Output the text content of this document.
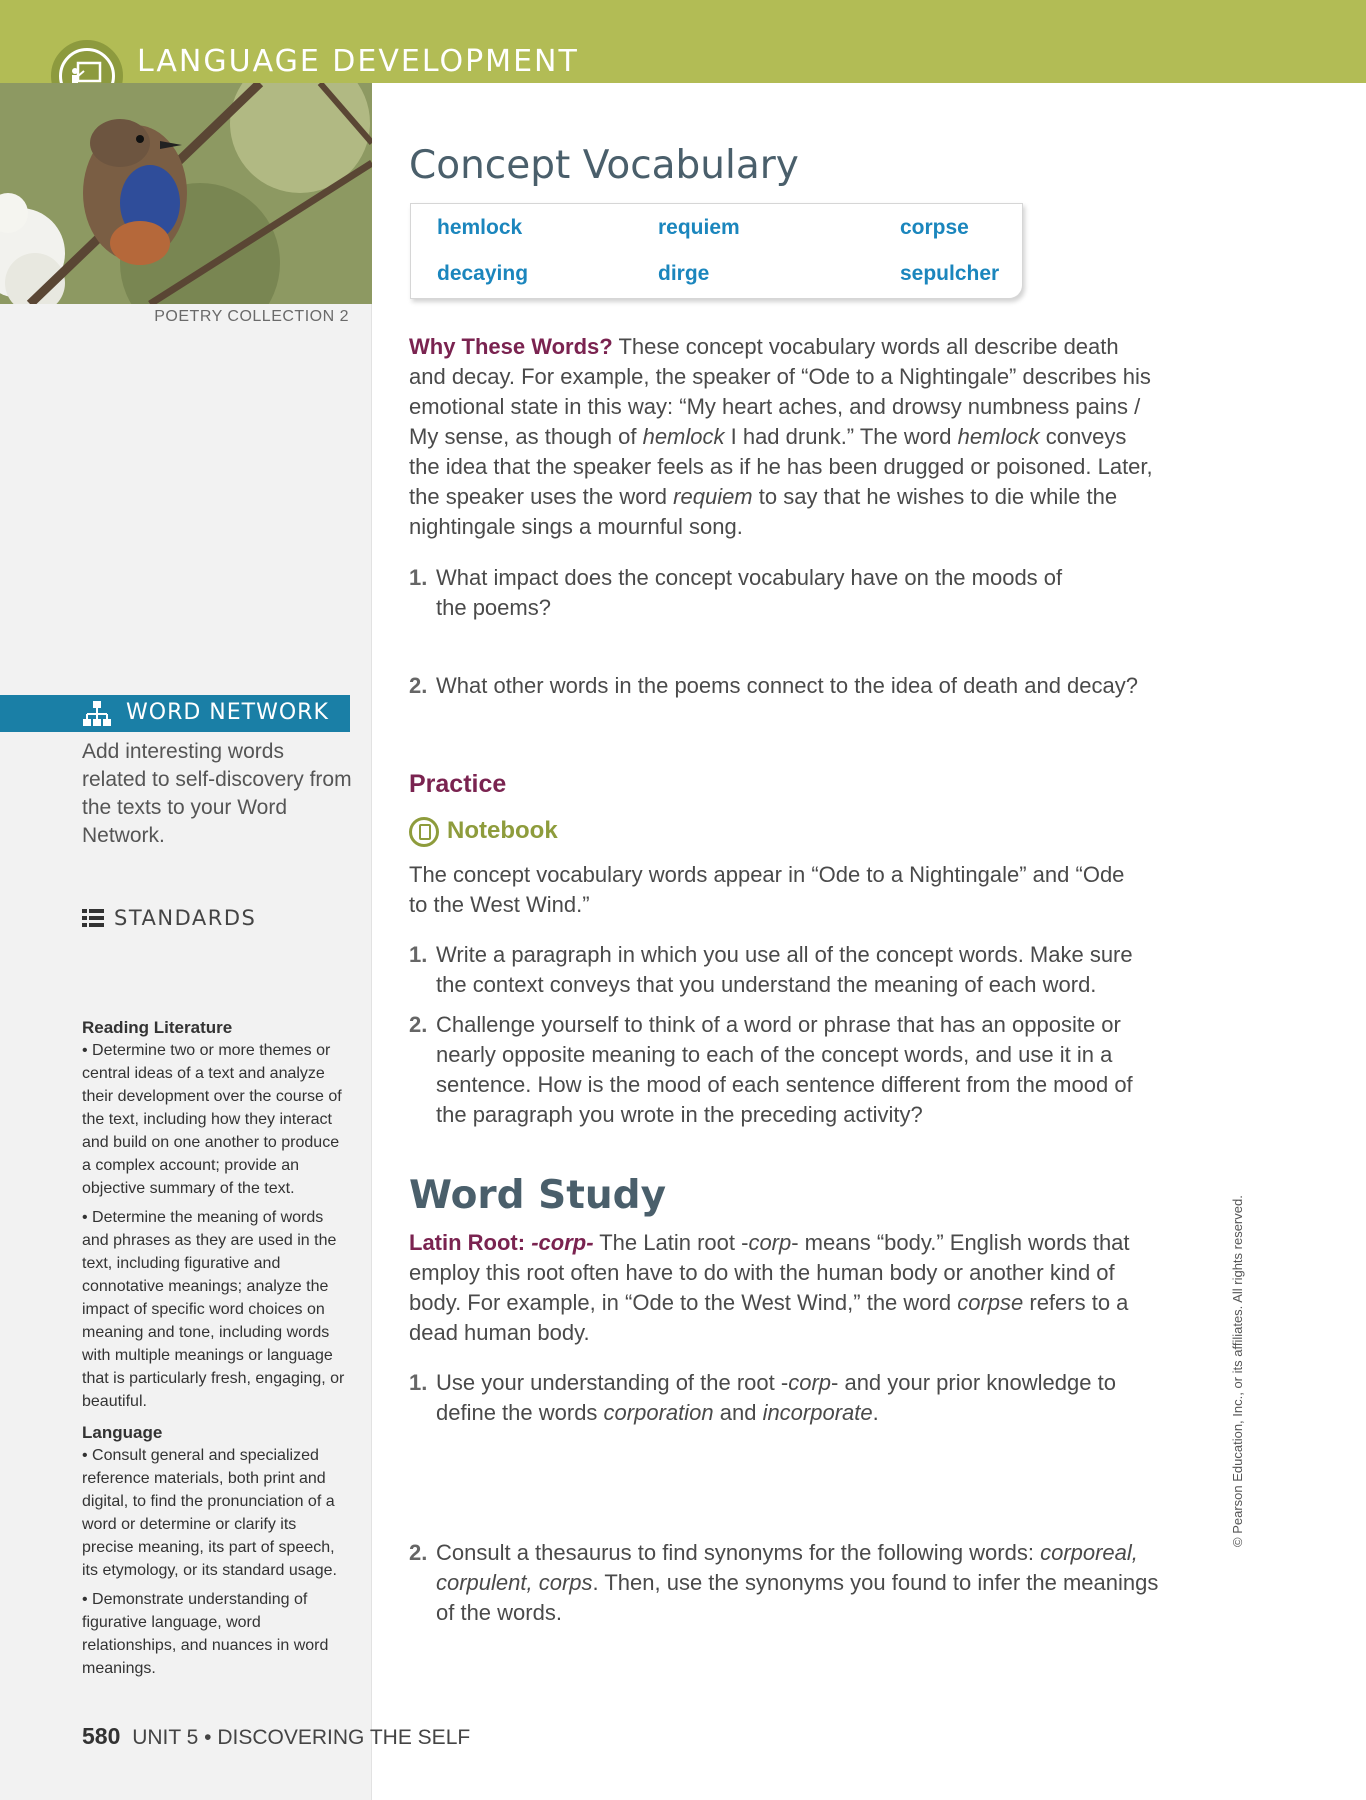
LANGUAGE DEVELOPMENT
POETRY COLLECTION 2
WORD NETWORK
Add interesting words related to self-discovery from the texts to your Word Network.
STANDARDS
Reading Literature
• Determine two or more themes or central ideas of a text and analyze their development over the course of the text, including how they interact and build on one another to produce a complex account; provide an objective summary of the text.
• Determine the meaning of words and phrases as they are used in the text, including figurative and connotative meanings; analyze the impact of specific word choices on meaning and tone, including words with multiple meanings or language that is particularly fresh, engaging, or beautiful.
Language
• Consult general and specialized reference materials, both print and digital, to find the pronunciation of a word or determine or clarify its precise meaning, its part of speech, its etymology, or its standard usage.
• Demonstrate understanding of figurative language, word relationships, and nuances in word meanings.
Concept Vocabulary
hemlock	requiem	corpse
decaying	dirge	sepulcher

Why These Words? These concept vocabulary words all describe death and decay. For example, the speaker of “Ode to a Nightingale” describes his emotional state in this way: “My heart aches, and drowsy numbness pains / My sense, as though of hemlock I had drunk.” The word hemlock conveys the idea that the speaker feels as if he has been drugged or poisoned. Later, the speaker uses the word requiem to say that he wishes to die while the nightingale sings a mournful song.

1. What impact does the concept vocabulary have on the moods of the poems?
2. What other words in the poems connect to the idea of death and decay?
Practice
Notebook

The concept vocabulary words appear in “Ode to a Nightingale” and “Ode to the West Wind.”

1. Write a paragraph in which you use all of the concept words. Make sure the context conveys that you understand the meaning of each word.
2. Challenge yourself to think of a word or phrase that has an opposite or nearly opposite meaning to each of the concept words, and use it in a sentence. How is the mood of each sentence different from the mood of the paragraph you wrote in the preceding activity?
Word Study

Latin Root: -corp- The Latin root -corp- means “body.” English words that employ this root often have to do with the human body or another kind of body. For example, in “Ode to the West Wind,” the word corpse refers to a dead human body.

1. Use your understanding of the root -corp- and your prior knowledge to define the words corporation and incorporate.
2. Consult a thesaurus to find synonyms for the following words: corporeal, corpulent, corps. Then, use the synonyms you found to infer the meanings of the words.
© Pearson Education, Inc., or its affiliates. All rights reserved.
580 UNIT 5 • DISCOVERING THE SELF
